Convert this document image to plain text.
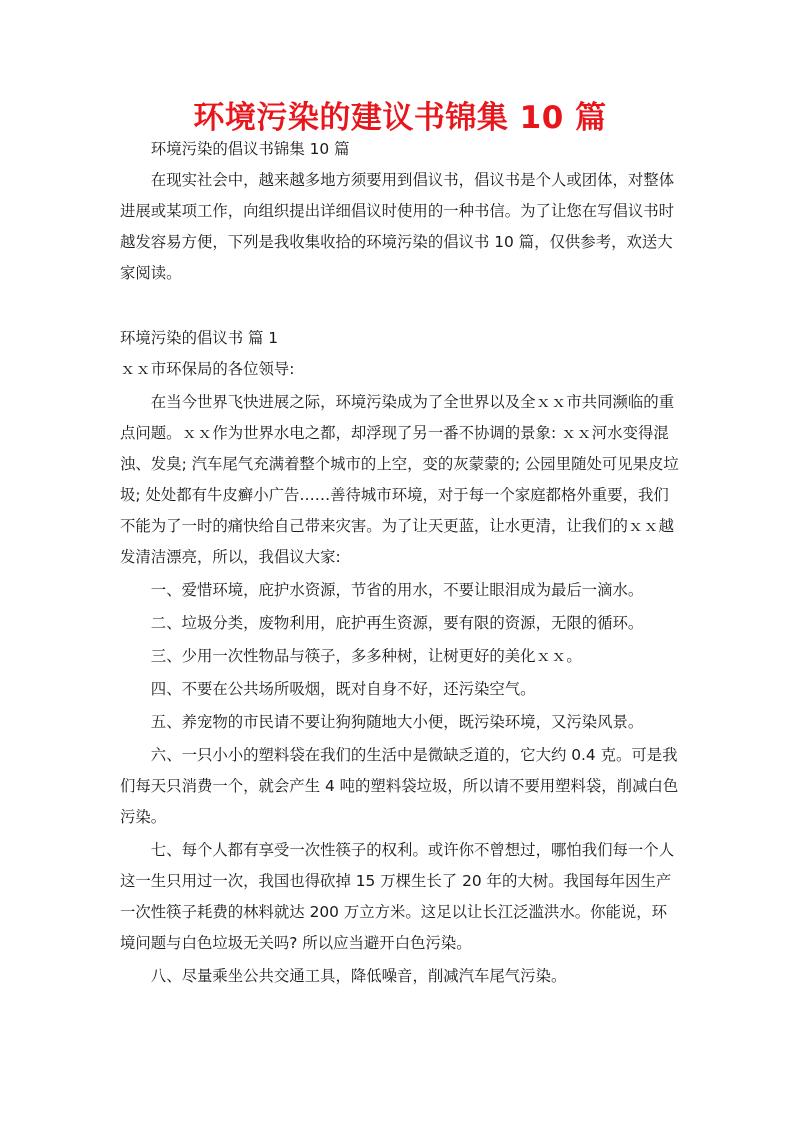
环境污染的建议书锦集 10 篇

环境污染的倡议书锦集 10 篇

在现实社会中，越来越多地方须要用到倡议书，倡议书是个人或团体，对整体进展或某项工作，向组织提出详细倡议时使用的一种书信。为了让您在写倡议书时越发容易方便，下列是我收集收拾的环境污染的倡议书 10 篇，仅供参考，欢送大家阅读。

环境污染的倡议书 篇 1

ｘｘ市环保局的各位领导:

在当今世界飞快进展之际，环境污染成为了全世界以及全ｘｘ市共同濒临的重点问题。ｘｘ作为世界水电之都，却浮现了另一番不协调的景象: ｘｘ河水变得混浊、发臭; 汽车尾气充满着整个城市的上空，变的灰蒙蒙的; 公园里随处可见果皮垃圾; 处处都有牛皮癣小广告……善待城市环境，对于每一个家庭都格外重要，我们不能为了一时的痛快给自己带来灾害。为了让天更蓝，让水更清，让我们的ｘｘ越发清洁漂亮，所以，我倡议大家:

一、爱惜环境，庇护水资源，节省的用水，不要让眼泪成为最后一滴水。

二、垃圾分类，废物利用，庇护再生资源，要有限的资源，无限的循环。

三、少用一次性物品与筷子，多多种树，让树更好的美化ｘｘ。

四、不要在公共场所吸烟，既对自身不好，还污染空气。

五、养宠物的市民请不要让狗狗随地大小便，既污染环境，又污染风景。

六、一只小小的塑料袋在我们的生活中是微缺乏道的，它大约 0.4 克。可是我们每天只消费一个，就会产生 4 吨的塑料袋垃圾，所以请不要用塑料袋，削减白色污染。

七、每个人都有享受一次性筷子的权利。或许你不曾想过，哪怕我们每一个人这一生只用过一次，我国也得砍掉 15 万棵生长了 20 年的大树。我国每年因生产一次性筷子耗费的林料就达 200 万立方米。这足以让长江泛滥洪水。你能说，环境问题与白色垃圾无关吗? 所以应当避开白色污染。

八、尽量乘坐公共交通工具，降低噪音，削减汽车尾气污染。
